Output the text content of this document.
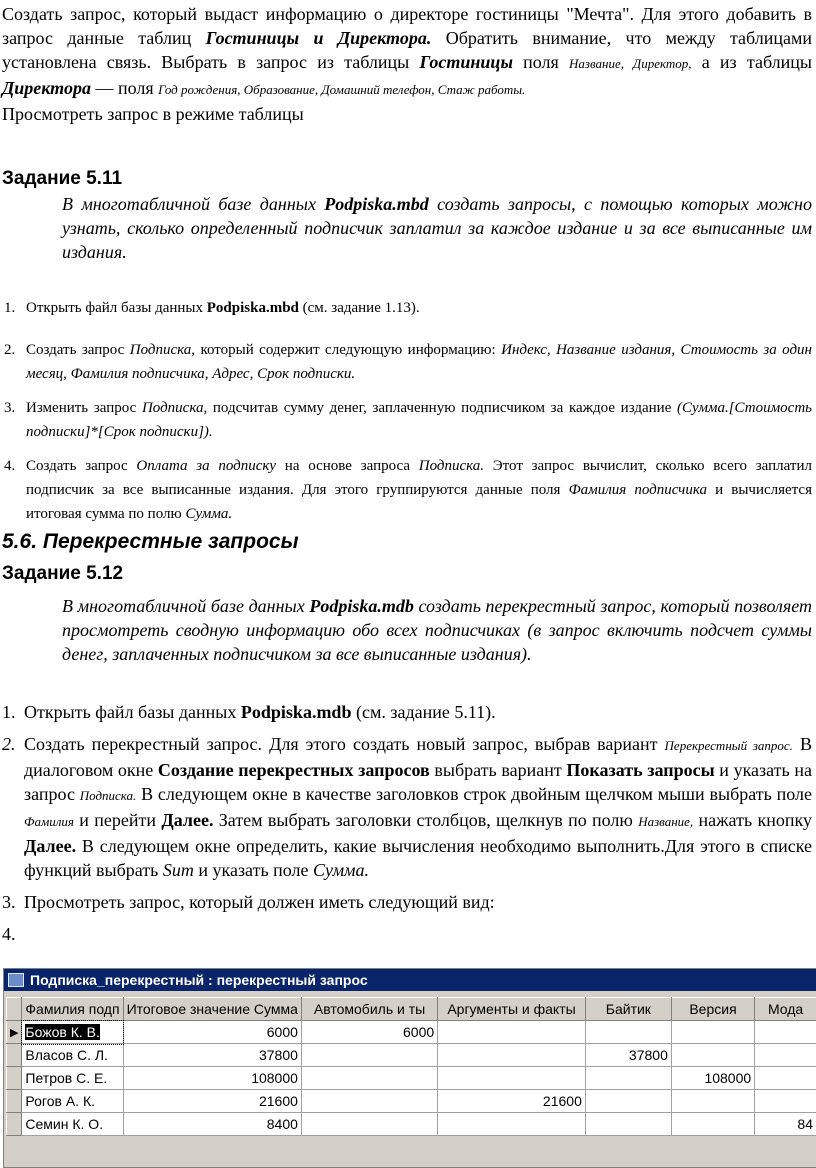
Создать запрос, который выдаст информацию о директоре гостиницы "Мечта". Для этого добавить в запрос данные таблиц Гостиницы и Директора. Обратить внимание, что между таблицами установлена связь. Выбрать в запрос из таблицы Гостиницы поля Название, Директор, а из таблицы Директора — поля Год рождения, Образование, Домашний телефон, Стаж работы.

Просмотреть запрос в режиме таблицы

Задание 5.11

В многотабличной базе данных Podpiska.mbd создать запросы, с помощью которых можно узнать, сколько определенный подписчик заплатил за каждое издание и за все выписанные им издания.

1. Открыть файл базы данных Podpiska.mbd (см. задание 1.13).
2. Создать запрос Подписка, который содержит следующую информацию: Индекс, Название издания, Стоимость за один месяц, Фамилия подписчика, Адрес, Срок подписки.
3. Изменить запрос Подписка, подсчитав сумму денег, заплаченную подписчиком за каждое издание (Сумма.[Стоимость подписки]*[Срок подписки]).
4. Создать запрос Оплата за подписку на основе запроса Подписка. Этот запрос вычислит, сколько всего заплатил подписчик за все выписанные издания. Для этого группируются данные поля Фамилия подписчика и вычисляется итоговая сумма по полю Сумма.
5.6. Перекрестные запросы
Задание 5.12

В многотабличной базе данных Podpiska.mdb создать перекрестный запрос, который позволяет просмотреть сводную информацию обо всех подписчиках (в запрос включить подсчет суммы денег, заплаченных подписчиком за все выписанные издания).

1. Открыть файл базы данных Podpiska.mdb (см. задание 5.11).
2. Создать перекрестный запрос. Для этого создать новый запрос, выбрав вариант Перекрестный запрос. В диалоговом окне Создание перекрестных запросов выбрать вариант Показать запросы и указать на запрос Подписка. В следующем окне в качестве заголовков строк двойным щелчком мыши выбрать поле Фамилия и перейти Далее. Затем выбрать заголовки столбцов, щелкнув по полю Название, нажать кнопку Далее. В следующем окне определить, какие вычисления необходимо выполнить.Для этого в списке функций выбрать Sum и указать поле Сумма.
3. Просмотреть запрос, который должен иметь следующий вид:
4.
Подписка_перекрестный : перекрестный запрос
	Фамилия подп	Итоговое значение Сумма	Автомобиль и ты	Аргументы и факты	Байтик	Версия	Мода
▶	Божов К. В.	6000	6000				
	Власов С. Л.	37800			37800		
	Петров С. Е.	108000				108000	
	Рогов А. К.	21600		21600			
	Семин К. О.	8400					84
